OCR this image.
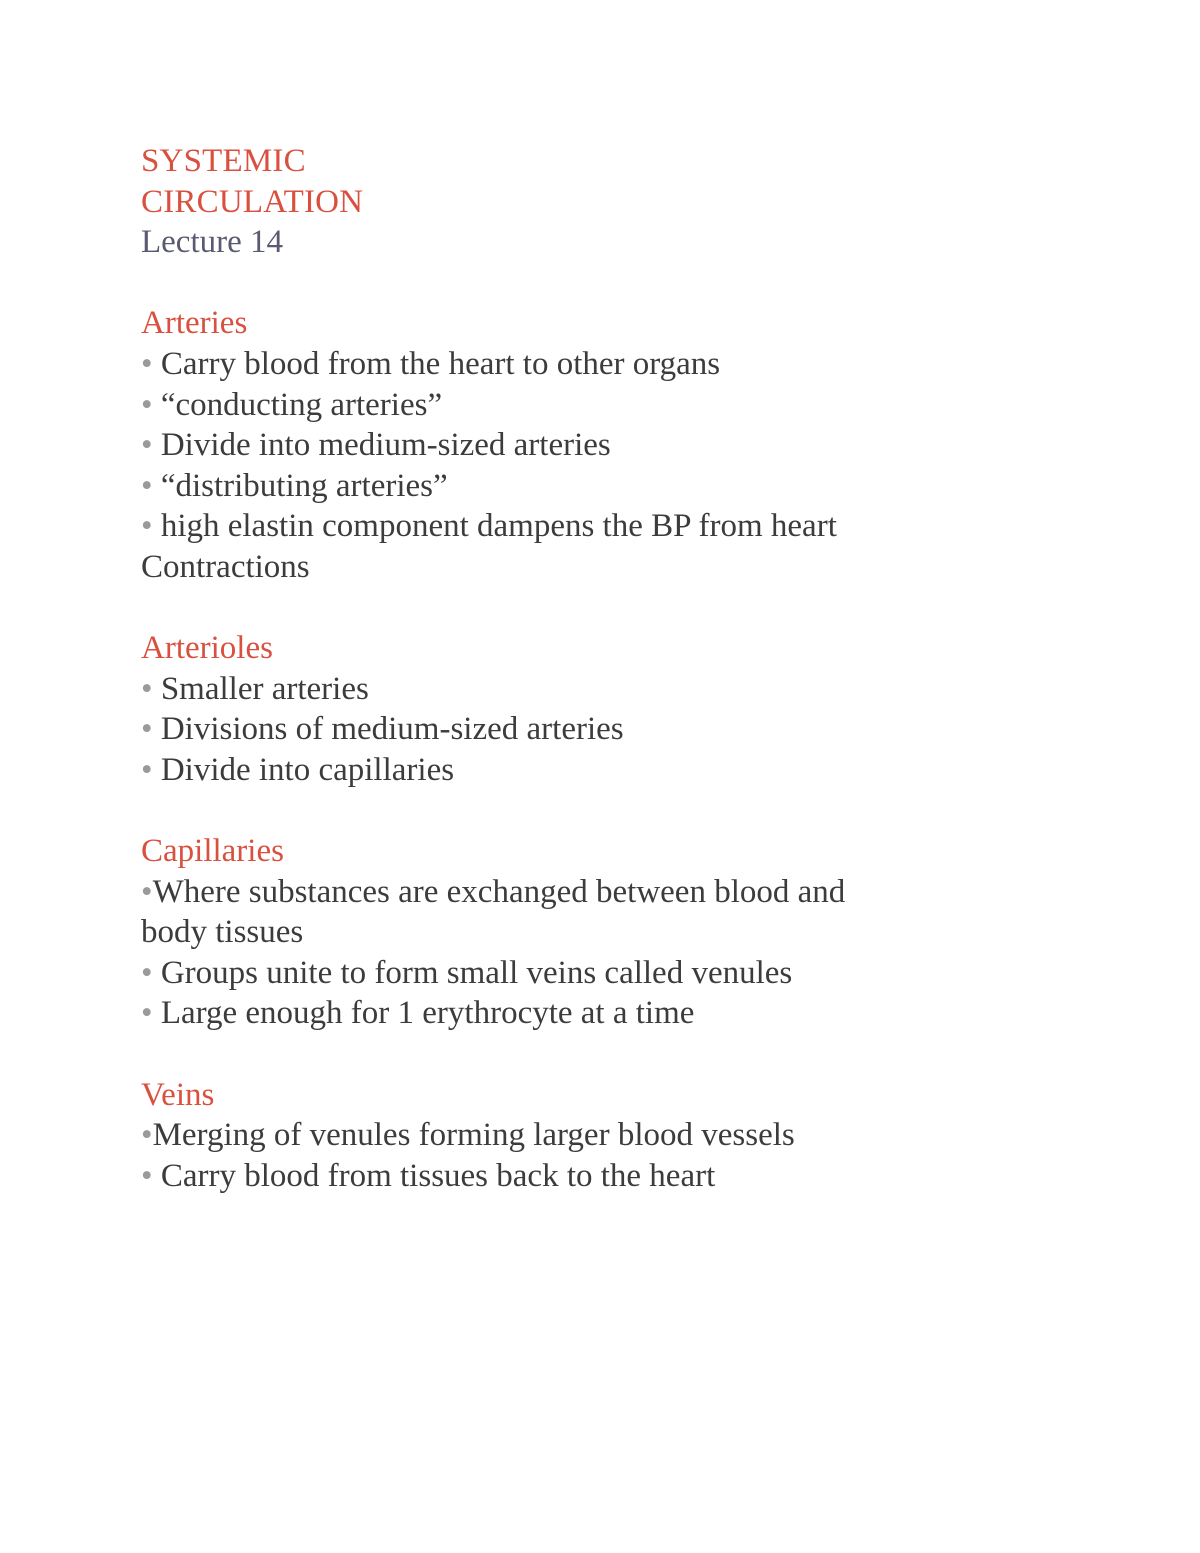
SYSTEMIC
CIRCULATION
Lecture 14
Arteries
• Carry blood from the heart to other organs
• “conducting arteries”
• Divide into medium-sized arteries
• “distributing arteries”
• high elastin component dampens the BP from heart
Contractions
Arterioles
• Smaller arteries
• Divisions of medium-sized arteries
• Divide into capillaries
Capillaries
•Where substances are exchanged between blood and
body tissues
• Groups unite to form small veins called venules
• Large enough for 1 erythrocyte at a time
Veins
•Merging of venules forming larger blood vessels
• Carry blood from tissues back to the heart
